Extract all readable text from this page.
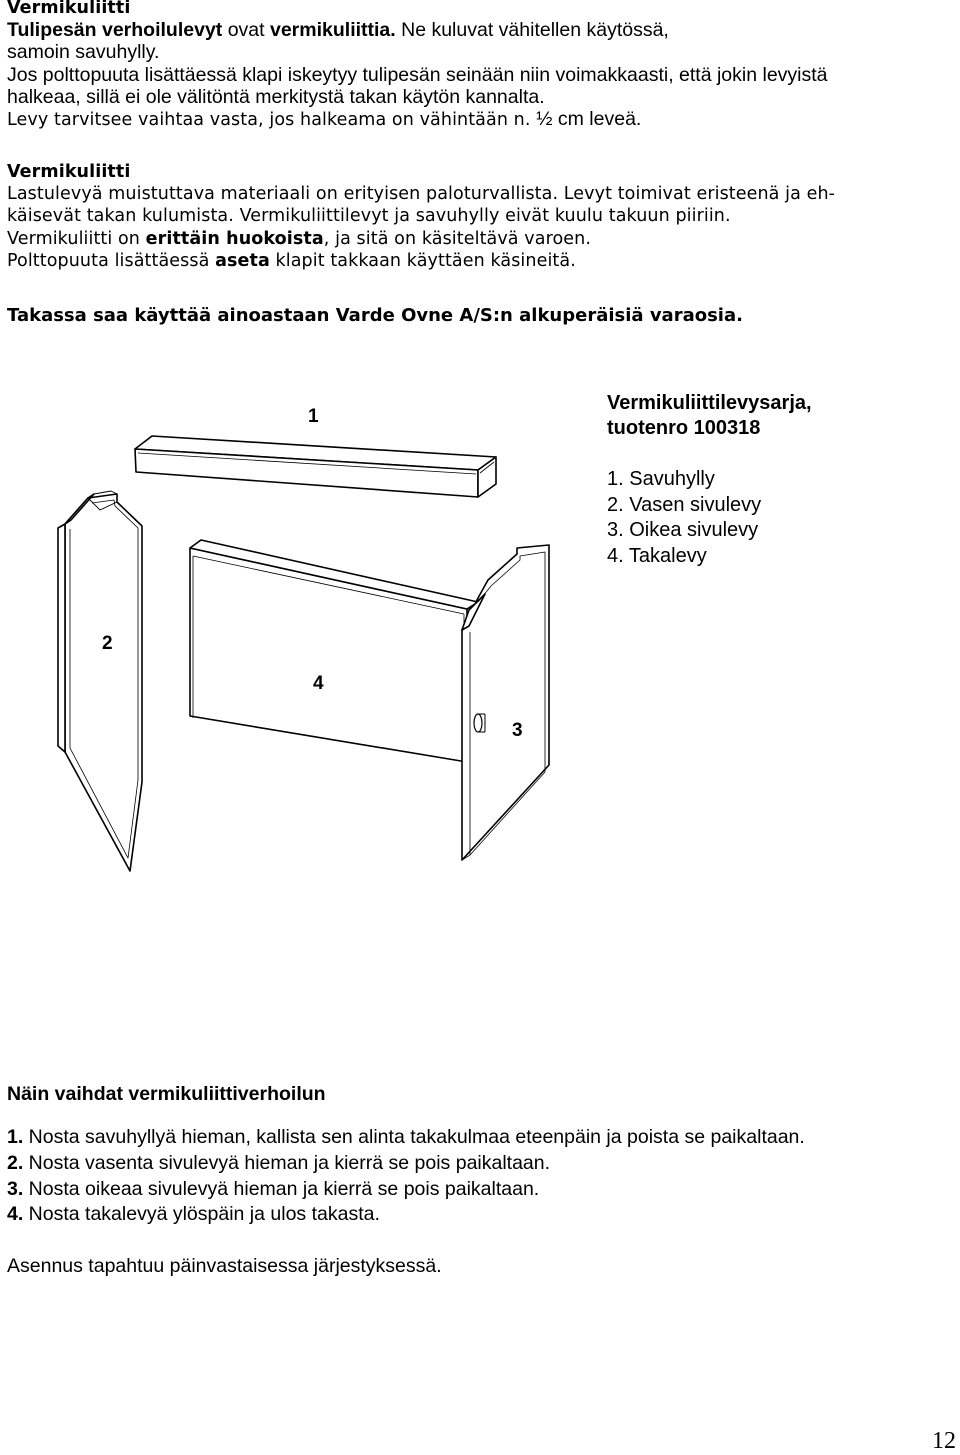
Vermikuliitti
Tulipesän verhoilulevyt ovat vermikuliittia. Ne kuluvat vähitellen käytössä,
samoin savuhylly.
Jos polttopuuta lisättäessä klapi iskeytyy tulipesän seinään niin voimakkaasti, että jokin levyistä
halkeaa, sillä ei ole välitöntä merkitystä takan käytön kannalta.
Levy tarvitsee vaihtaa vasta, jos halkeama on vähintään n. ½ cm leveä.
Vermikuliitti
Lastulevyä muistuttava materiaali on erityisen paloturvallista. Levyt toimivat eristeenä ja eh-
käisevät takan kulumista. Vermikuliittilevyt ja savuhylly eivät kuulu takuun piiriin.
Vermikuliitti on erittäin huokoista, ja sitä on käsiteltävä varoen.
Polttopuuta lisättäessä aseta klapit takkaan käyttäen käsineitä.
Takassa saa käyttää ainoastaan Varde Ovne A/S:n alkuperäisiä varaosia.
1
2
4
3
Vermikuliittilevysarja,
tuotenro 100318
1. Savuhylly
2. Vasen sivulevy
3. Oikea sivulevy
4. Takalevy
Näin vaihdat vermikuliittiverhoilun
1. Nosta savuhyllyä hieman, kallista sen alinta takakulmaa eteenpäin ja poista se paikaltaan.
2. Nosta vasenta sivulevyä hieman ja kierrä se pois paikaltaan.
3. Nosta oikeaa sivulevyä hieman ja kierrä se pois paikaltaan.
4. Nosta takalevyä ylöspäin ja ulos takasta.
Asennus tapahtuu päinvastaisessa järjestyksessä.
12
